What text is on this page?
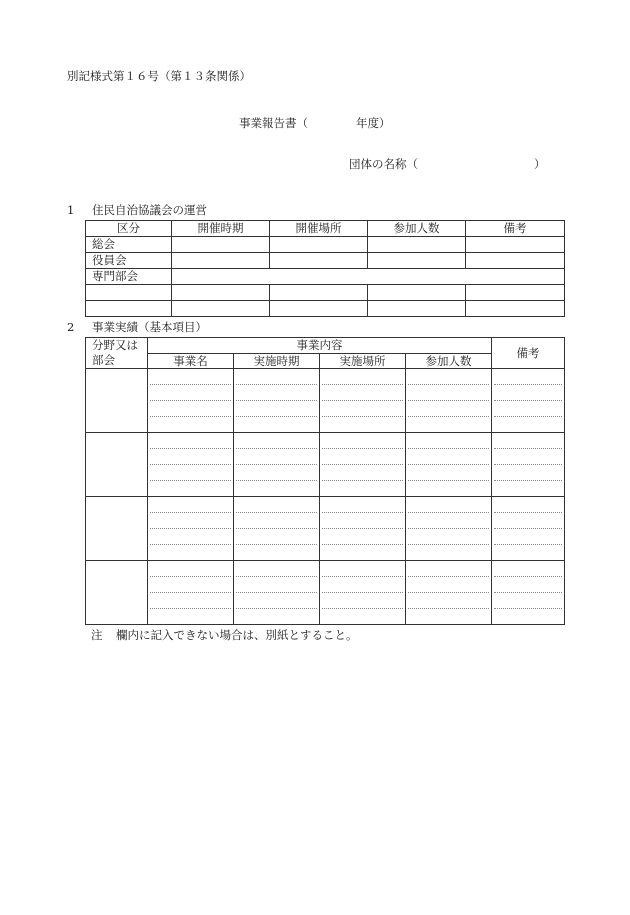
別記様式第１６号（第１３条関係）
事業報告書（	年度）
団体の名称（	）
1 住民自治協議会の運営
区分	開催時期	開催場所	参加人数	備考
総会				
役員会				
専門部会				

2 事業実績（基本項目）
分野又は
部会	事業内容				備考
	事業名	実施時期	実施場所	参加人数	

注 欄内に記入できない場合は、別紙とすること。
